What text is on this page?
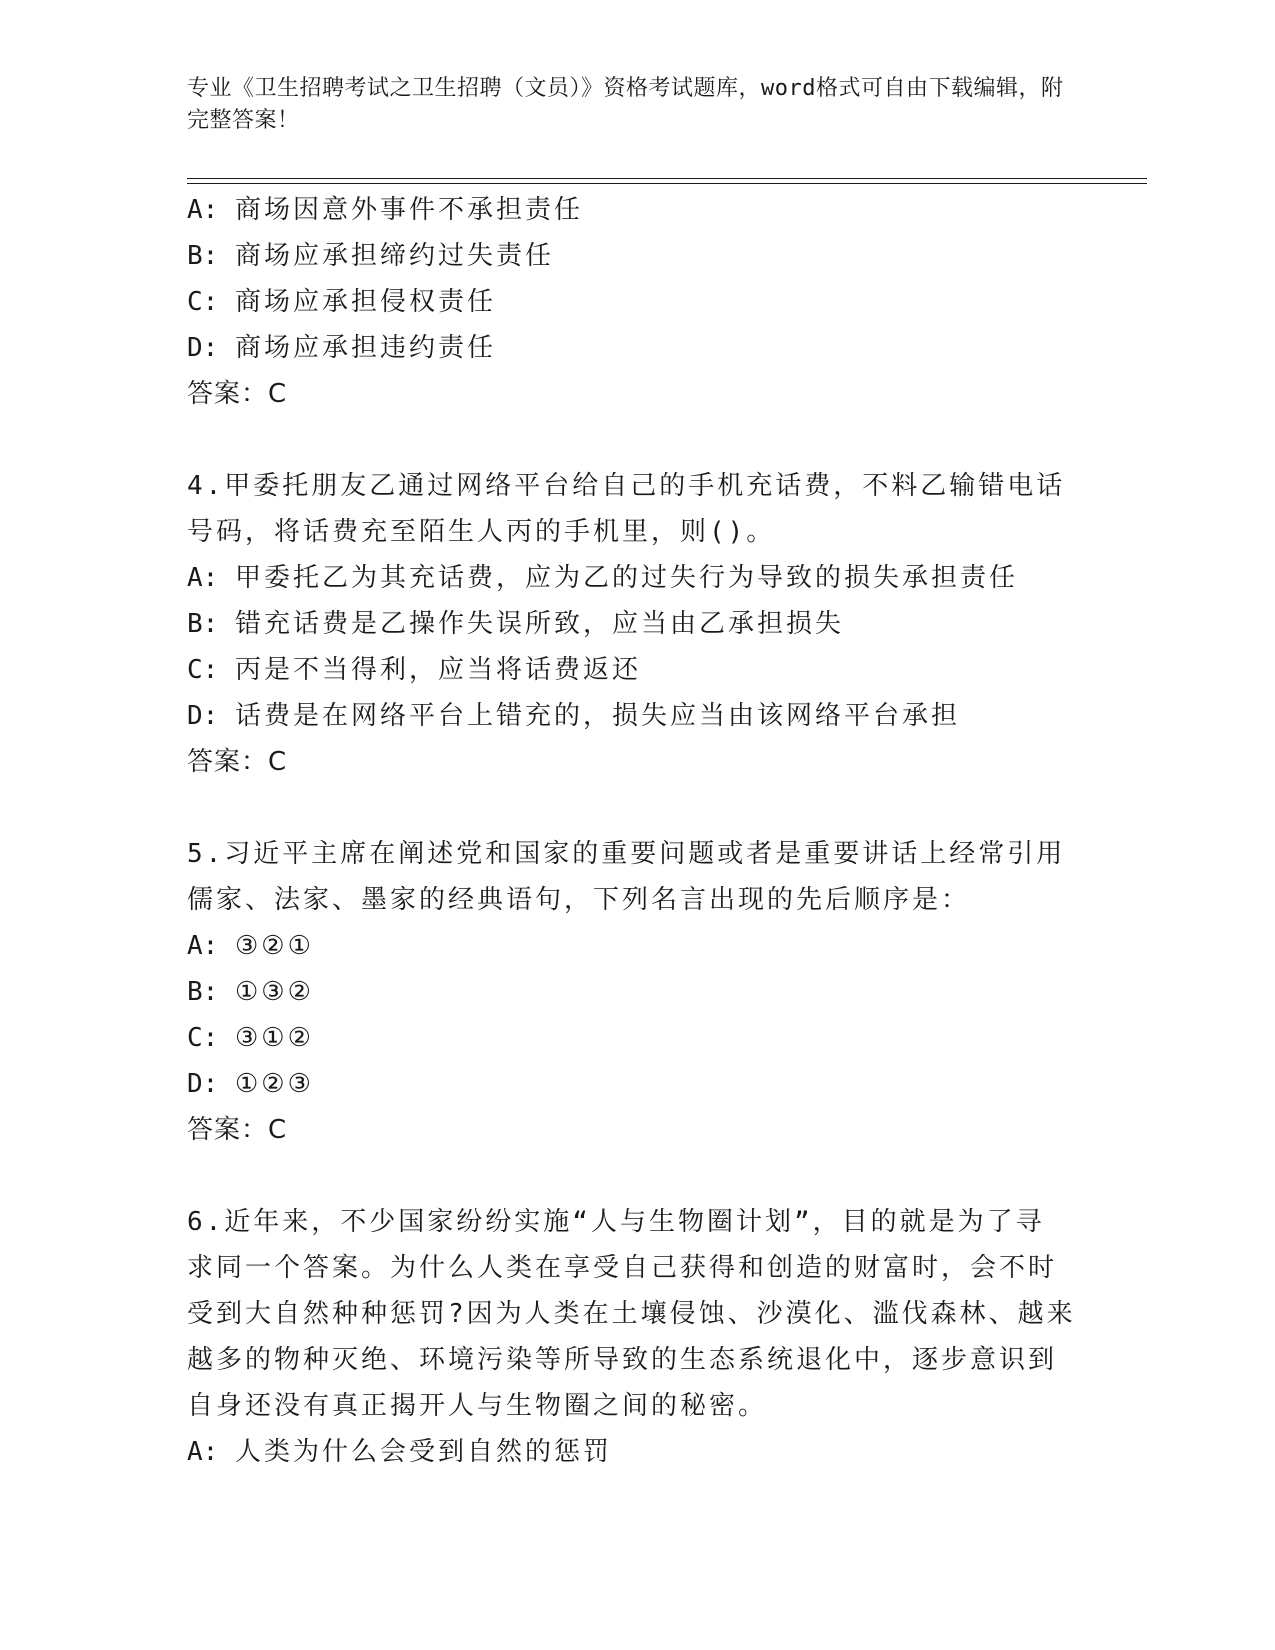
专业《卫生招聘考试之卫生招聘（文员）》资格考试题库，word格式可自由下载编辑，附完整答案！
A: 商场因意外事件不承担责任
B: 商场应承担缔约过失责任
C: 商场应承担侵权责任
D: 商场应承担违约责任
答案：C
4.甲委托朋友乙通过网络平台给自己的手机充话费，不料乙输错电话
号码，将话费充至陌生人丙的手机里，则()。
A: 甲委托乙为其充话费，应为乙的过失行为导致的损失承担责任
B: 错充话费是乙操作失误所致，应当由乙承担损失
C: 丙是不当得利，应当将话费返还
D: 话费是在网络平台上错充的，损失应当由该网络平台承担
答案：C
5.习近平主席在阐述党和国家的重要问题或者是重要讲话上经常引用
儒家、法家、墨家的经典语句，下列名言出现的先后顺序是：
A: ③②①
B: ①③②
C: ③①②
D: ①②③
答案：C
6.近年来，不少国家纷纷实施“人与生物圈计划”，目的就是为了寻
求同一个答案。为什么人类在享受自己获得和创造的财富时，会不时
受到大自然种种惩罚?因为人类在土壤侵蚀、沙漠化、滥伐森林、越来
越多的物种灭绝、环境污染等所导致的生态系统退化中，逐步意识到
自身还没有真正揭开人与生物圈之间的秘密。
A: 人类为什么会受到自然的惩罚
